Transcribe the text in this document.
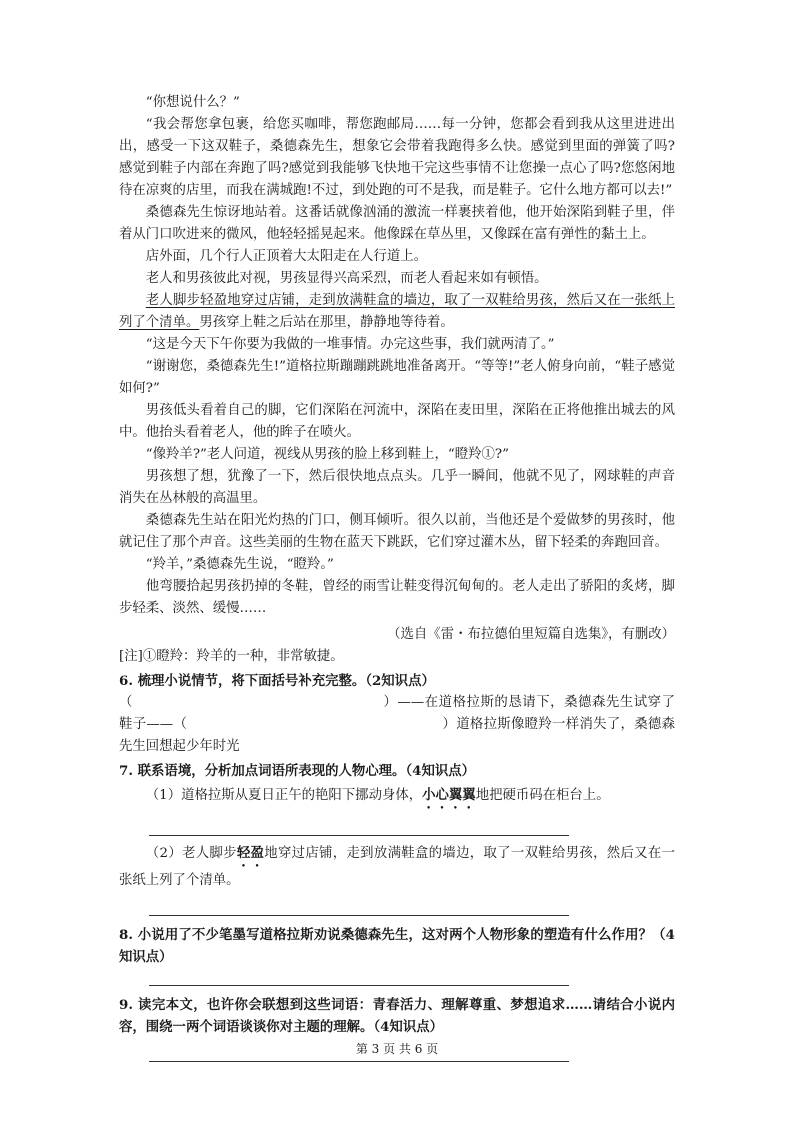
“你想说什么？”

“我会帮您拿包裹，给您买咖啡，帮您跑邮局……每一分钟，您都会看到我从这里进进出出，感受一下这双鞋子，桑德森先生，想象它会带着我跑得多么快。感觉到里面的弹簧了吗?感觉到鞋子内部在奔跑了吗?感觉到我能够飞快地干完这些事情不让您操一点心了吗?您悠闲地待在凉爽的店里，而我在满城跑!不过，到处跑的可不是我，而是鞋子。它什么地方都可以去!”

桑德森先生惊讶地站着。这番话就像汹涌的激流一样裹挟着他，他开始深陷到鞋子里，伴着从门口吹进来的微风，他轻轻摇晃起来。他像踩在草丛里，又像踩在富有弹性的黏土上。

店外面，几个行人正顶着大太阳走在人行道上。

老人和男孩彼此对视，男孩显得兴高采烈，而老人看起来如有顿悟。

老人脚步轻盈地穿过店铺，走到放满鞋盒的墙边，取了一双鞋给男孩，然后又在一张纸上列了个清单。男孩穿上鞋之后站在那里，静静地等待着。

“这是今天下午你要为我做的一堆事情。办完这些事，我们就两清了。”

“谢谢您，桑德森先生!”道格拉斯蹦蹦跳跳地准备离开。“等等!”老人俯身向前，“鞋子感觉如何?”

男孩低头看着自己的脚，它们深陷在河流中，深陷在麦田里，深陷在正将他推出城去的风中。他抬头看着老人，他的眸子在喷火。

“像羚羊?”老人问道，视线从男孩的脸上移到鞋上，“瞪羚①?”

男孩想了想，犹豫了一下，然后很快地点点头。几乎一瞬间，他就不见了，网球鞋的声音消失在丛林般的高温里。

桑德森先生站在阳光灼热的门口，侧耳倾听。很久以前，当他还是个爱做梦的男孩时，他就记住了那个声音。这些美丽的生物在蓝天下跳跃，它们穿过灌木丛，留下轻柔的奔跑回音。

“羚羊，”桑德森先生说，“瞪羚。”

他弯腰拾起男孩扔掉的冬鞋，曾经的雨雪让鞋变得沉甸甸的。老人走出了骄阳的炙烤，脚步轻柔、淡然、缓慢……

（选自《雷・布拉德伯里短篇自选集》，有删改）

[注]①瞪羚：羚羊的一种，非常敏捷。

6. 梳理小说情节，将下面括号补充完整。（2知识点）

（	）——在道格拉斯的恳请下，桑德森先生试穿了鞋子——（	）道格拉斯像瞪羚一样消失了，桑德森先生回想起少年时光

7. 联系语境，分析加点词语所表现的人物心理。（4知识点）

（1）道格拉斯从夏日正午的艳阳下挪动身体，小心翼翼地把硬币码在柜台上。

（2）老人脚步轻盈地穿过店铺，走到放满鞋盒的墙边，取了一双鞋给男孩，然后又在一张纸上列了个清单。

8. 小说用了不少笔墨写道格拉斯劝说桑德森先生，这对两个人物形象的塑造有什么作用？（4知识点）

9. 读完本文，也许你会联想到这些词语：青春活力、理解尊重、梦想追求……请结合小说内容，围绕一两个词语谈谈你对主题的理解。（4知识点）

第 3 页 共 6 页
